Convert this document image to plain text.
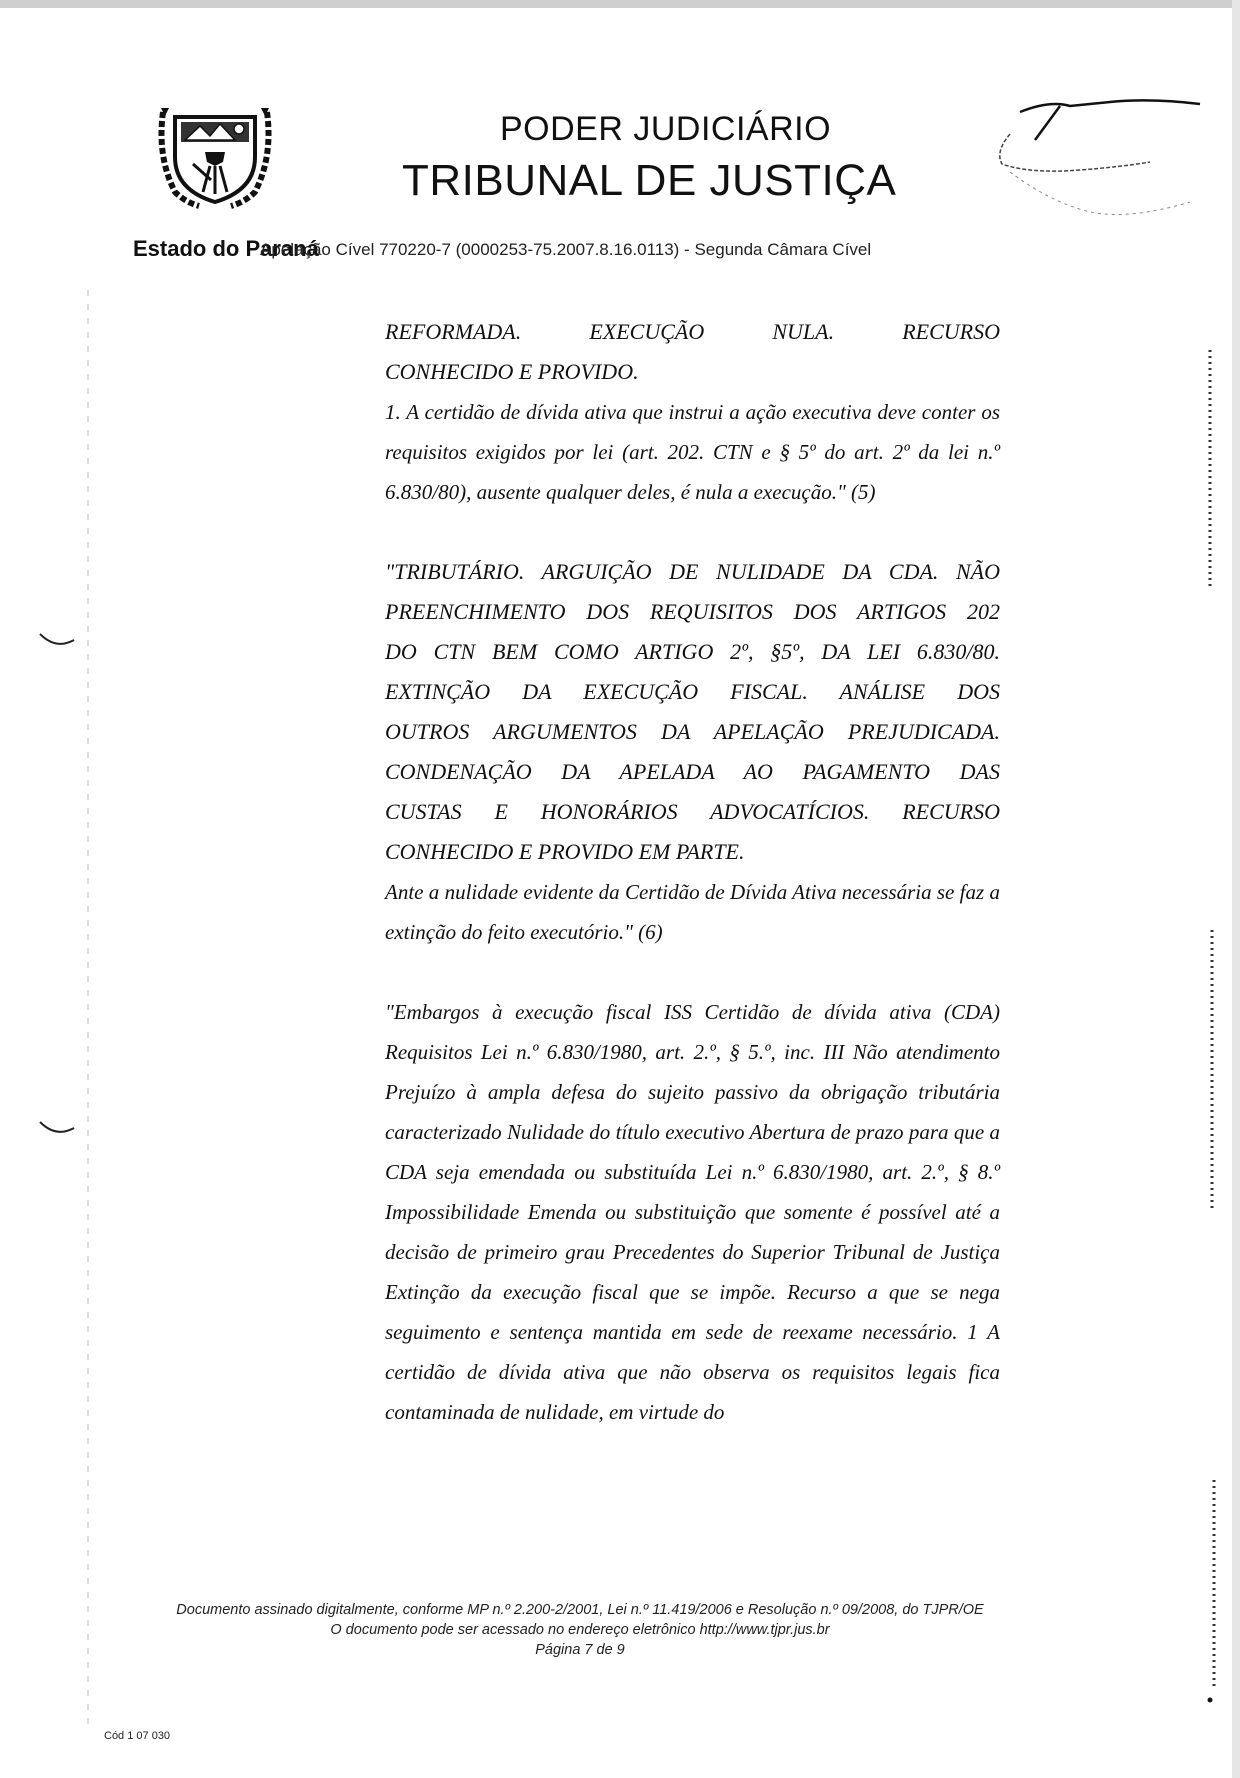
PODER JUDICIÁRIO
TRIBUNAL DE JUSTIÇA
Estado do Paraná
Apelação Cível 770220-7 (0000253-75.2007.8.16.0113) - Segunda Câmara Cível

REFORMADA. EXECUÇÃO NULA. RECURSO

CONHECIDO E PROVIDO.

1. A certidão de dívida ativa que instrui a ação executiva deve conter os requisitos exigidos por lei (art. 202. CTN e § 5º do art. 2º da lei n.º 6.830/80), ausente qualquer deles, é nula a execução." (5)

"TRIBUTÁRIO. ARGUIÇÃO DE NULIDADE DA CDA. NÃO

PREENCHIMENTO DOS REQUISITOS DOS ARTIGOS 202

DO CTN BEM COMO ARTIGO 2º, §5º, DA LEI 6.830/80.

EXTINÇÃO DA EXECUÇÃO FISCAL. ANÁLISE DOS

OUTROS ARGUMENTOS DA APELAÇÃO PREJUDICADA.

CONDENAÇÃO DA APELADA AO PAGAMENTO DAS

CUSTAS E HONORÁRIOS ADVOCATÍCIOS. RECURSO

CONHECIDO E PROVIDO EM PARTE.

Ante a nulidade evidente da Certidão de Dívida Ativa necessária se faz a extinção do feito executório." (6)

"Embargos à execução fiscal ISS Certidão de dívida ativa (CDA) Requisitos Lei n.º 6.830/1980, art. 2.º, § 5.º, inc. III Não atendimento Prejuízo à ampla defesa do sujeito passivo da obrigação tributária caracterizado Nulidade do título executivo Abertura de prazo para que a CDA seja emendada ou substituída Lei n.º 6.830/1980, art. 2.º, § 8.º Impossibilidade Emenda ou substituição que somente é possível até a decisão de primeiro grau Precedentes do Superior Tribunal de Justiça Extinção da execução fiscal que se impõe. Recurso a que se nega seguimento e sentença mantida em sede de reexame necessário. 1 A certidão de dívida ativa que não observa os requisitos legais fica contaminada de nulidade, em virtude do

Documento assinado digitalmente, conforme MP n.º 2.200-2/2001, Lei n.º 11.419/2006 e Resolução n.º 09/2008, do TJPR/OE
O documento pode ser acessado no endereço eletrônico http://www.tjpr.jus.br
Página 7 de 9
Cód 1 07 030
